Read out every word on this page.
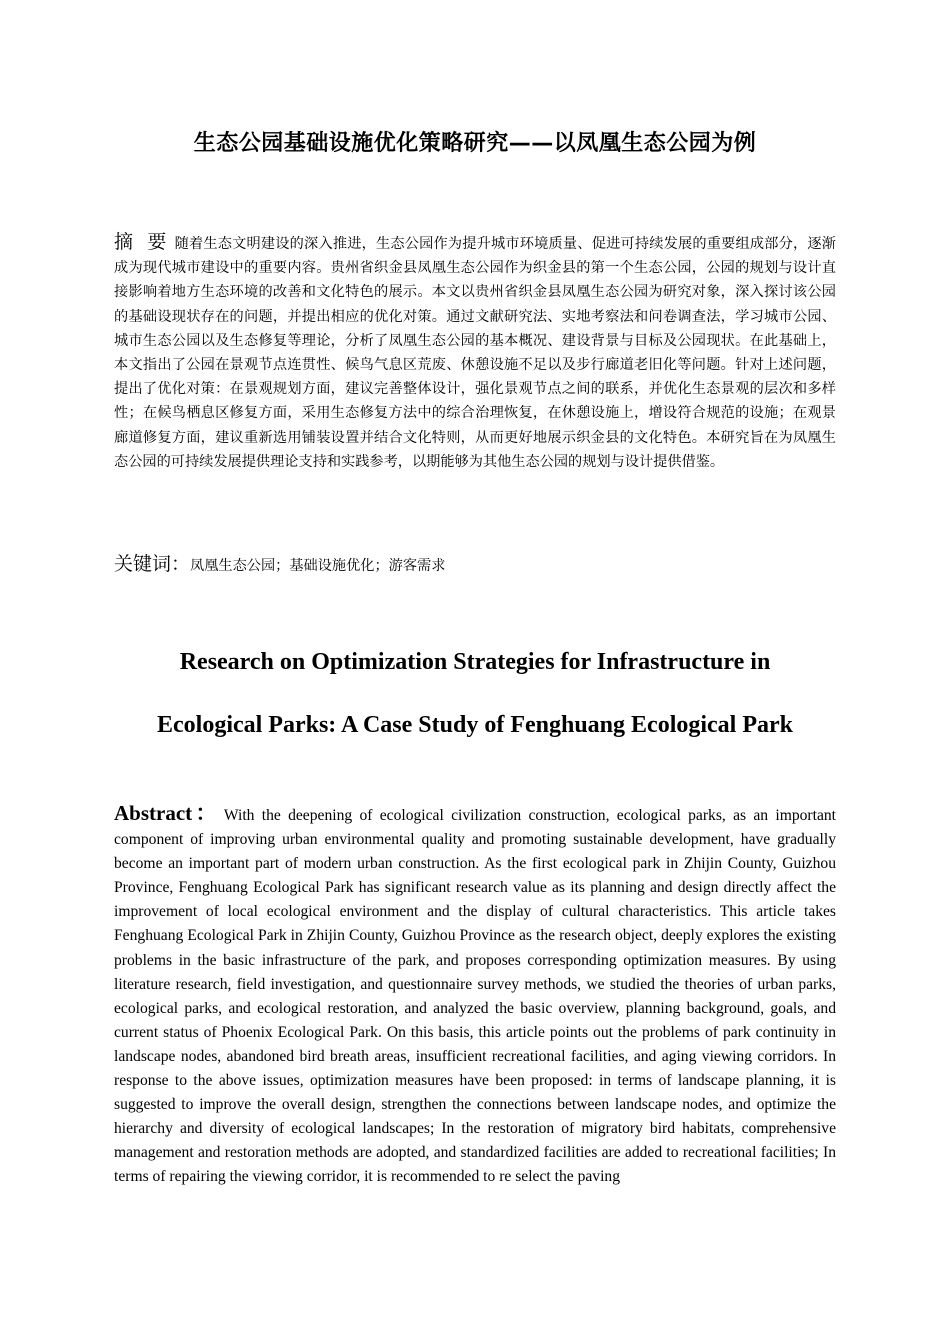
生态公园基础设施优化策略研究——以凤凰生态公园为例

摘 要 随着生态文明建设的深入推进，生态公园作为提升城市环境质量、促进可持续发展的重要组成部分，逐渐成为现代城市建设中的重要内容。贵州省织金县凤凰生态公园作为织金县的第一个生态公园，公园的规划与设计直接影响着地方生态环境的改善和文化特色的展示。本文以贵州省织金县凤凰生态公园为研究对象，深入探讨该公园的基础设现状存在的问题，并提出相应的优化对策。通过文献研究法、实地考察法和问卷调查法，学习城市公园、城市生态公园以及生态修复等理论，分析了凤凰生态公园的基本概况、建设背景与目标及公园现状。在此基础上，本文指出了公园在景观节点连贯性、候鸟气息区荒废、休憩设施不足以及步行廊道老旧化等问题。针对上述问题，提出了优化对策：在景观规划方面，建议完善整体设计，强化景观节点之间的联系，并优化生态景观的层次和多样性；在候鸟栖息区修复方面，采用生态修复方法中的综合治理恢复，在休憩设施上，增设符合规范的设施；在观景廊道修复方面，建议重新选用铺装设置并结合文化特则，从而更好地展示织金县的文化特色。本研究旨在为凤凰生态公园的可持续发展提供理论支持和实践参考，以期能够为其他生态公园的规划与设计提供借鉴。

关键词：凤凰生态公园；基础设施优化；游客需求

Research on Optimization Strategies for Infrastructure in
Ecological Parks: A Case Study of Fenghuang Ecological Park

Abstract： With the deepening of ecological civilization construction, ecological parks, as an important component of improving urban environmental quality and promoting sustainable development, have gradually become an important part of modern urban construction. As the first ecological park in Zhijin County, Guizhou Province, Fenghuang Ecological Park has significant research value as its planning and design directly affect the improvement of local ecological environment and the display of cultural characteristics. This article takes Fenghuang Ecological Park in Zhijin County, Guizhou Province as the research object, deeply explores the existing problems in the basic infrastructure of the park, and proposes corresponding optimization measures. By using literature research, field investigation, and questionnaire survey methods, we studied the theories of urban parks, ecological parks, and ecological restoration, and analyzed the basic overview, planning background, goals, and current status of Phoenix Ecological Park. On this basis, this article points out the problems of park continuity in landscape nodes, abandoned bird breath areas, insufficient recreational facilities, and aging viewing corridors. In response to the above issues, optimization measures have been proposed: in terms of landscape planning, it is suggested to improve the overall design, strengthen the connections between landscape nodes, and optimize the hierarchy and diversity of ecological landscapes; In the restoration of migratory bird habitats, comprehensive management and restoration methods are adopted, and standardized facilities are added to recreational facilities; In terms of repairing the viewing corridor, it is recommended to re select the paving
